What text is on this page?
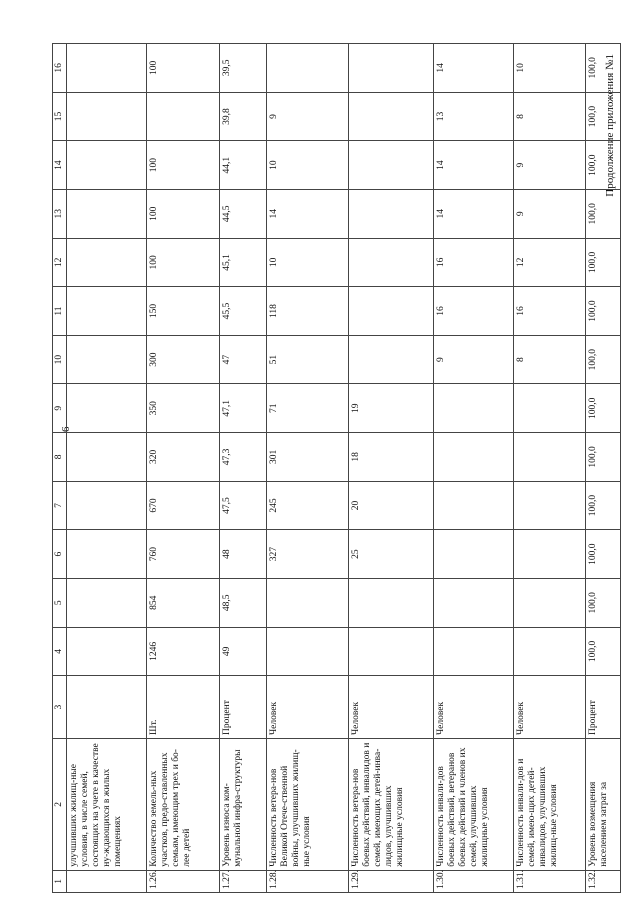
6
Продолжение приложения №1
1	2	3	4	5	6	7	8	9	10	11	12	13	14	15	16
	улучшивших жилищ-ные условия, в числе семей, состоящих на учете в качестве ну-ждающихся в жилых помещениях														
1.26.	Количество земель-ных участков, предо-ставленных семьям, имеющим трех и бо-лее детей	Шт.	1246	854	760	670	320	350	300	150	100	100	100		100
1.27.	Уровень износа ком-мунальной инфра-структуры	Процент	49	48,5	48	47,5	47,3	47,1	47	45,5	45,1	44,5	44,1	39,8	39,5
1.28.	Численность ветера-нов Великой Отече-ственной войны, улучшивших жилищ-ные условия	Человек			327	245	301	71	51	118	10	14	10	9	
1.29.	Численность ветера-нов боевых действий, инвалидов и семей, имеющих детей-инва-лидов, улучшивших жилищные условия	Человек			25	20	18	19							
1.30.	Численность инвали-дов боевых действий, ветеранов боевых действий и членов их семей, улучшивших жилищные условия	Человек							9	16	16	14	14	13	14
1.31.	Численность инвали-дов и семей, имею-щих детей-инвалидов, улучшивших жилищ-ные условия	Человек							8	16	12	9	9	8	10
1.32.	Уровень возмещения населением затрат за	Процент	100,0	100,0	100,0	100,0	100,0	100,0	100,0	100,0	100,0	100,0	100,0	100,0	100,0
